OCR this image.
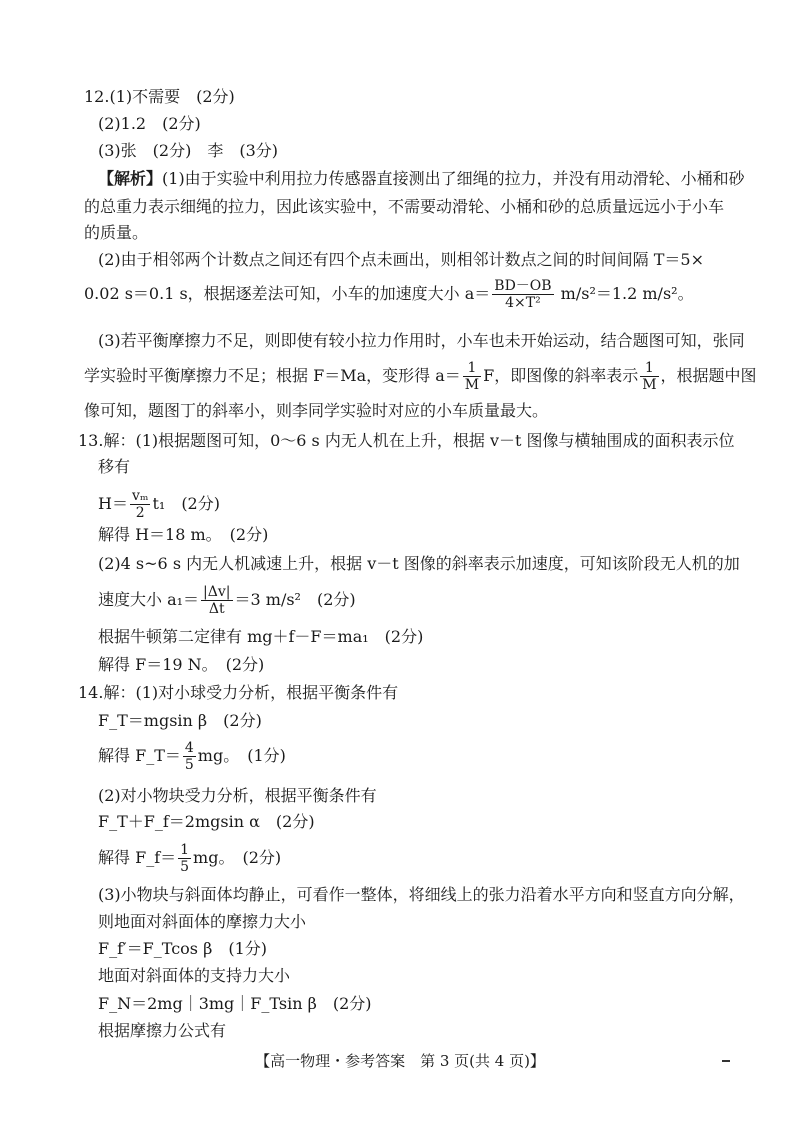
12.(1)不需要　(2分)
(2)1.2　(2分)
(3)张　(2分)　李　(3分)
【解析】(1)由于实验中利用拉力传感器直接测出了细绳的拉力，并没有用动滑轮、小桶和砂
的总重力表示细绳的拉力，因此该实验中，不需要动滑轮、小桶和砂的总质量远远小于小车
的质量。
(2)由于相邻两个计数点之间还有四个点未画出，则相邻计数点之间的时间间隔 T＝5×
0.02 s＝0.1 s，根据逐差法可知，小车的加速度大小 $a= \frac{BD-OB}{\text{4×T²}} m/s^2=1.2$ m/s²。
(3)若平衡摩擦力不足，则即使有较小拉力作用时，小车也未开始运动，结合题图可知，张同
学实验时平衡摩擦力不足；根据 F＝Ma，变形得 $a= \frac{1}{M}$ F，即图像的斜率表示 $\frac{1}{M}$ ，根据题中图
像可知，题图丁的斜率小，则李同学实验时对应的小车质量最大。
13.解：(1)根据题图可知，0～6 s 内无人机在上升，根据 v－t 图像与横轴围成的面积表示位
移有
$H= \frac{\text{vₘ}}{2} t_1$　(2分)
解得 H＝18 m。　(2分)
(2)4 s~6 s 内无人机减速上升，根据 v－t 图像的斜率表示加速度，可知该阶段无人机的加
速度大小 $a_1= \frac{|\Delta v|}{\Delta t} =3$ m/s²　(2分)
根据牛顿第二定律有 mg＋f－F＝ma₁　(2分)
解得 F＝19 N。　(2分)
14.解：(1)对小球受力分析，根据平衡条件有
F_T＝mgsin β　(2分)
解得 F_T＝ $\frac{4}{5}$ mg。　(1分)
(2)对小物块受力分析，根据平衡条件有
F_T＋F_f＝2mgsin α　(2分)
解得 F_f＝ $\frac{1}{5}$ mg。　(2分)
(3)小物块与斜面体均静止，可看作一整体，将细线上的张力沿着水平方向和竖直方向分解，
则地面对斜面体的摩擦力大小
F_f′＝F_Tcos β　(1分)
地面对斜面体的支持力大小
F_N＝2mg｜3mg｜F_Tsin β　(2分)
根据摩擦力公式有
【高一物理・参考答案　第 3 页(共 4 页)】
